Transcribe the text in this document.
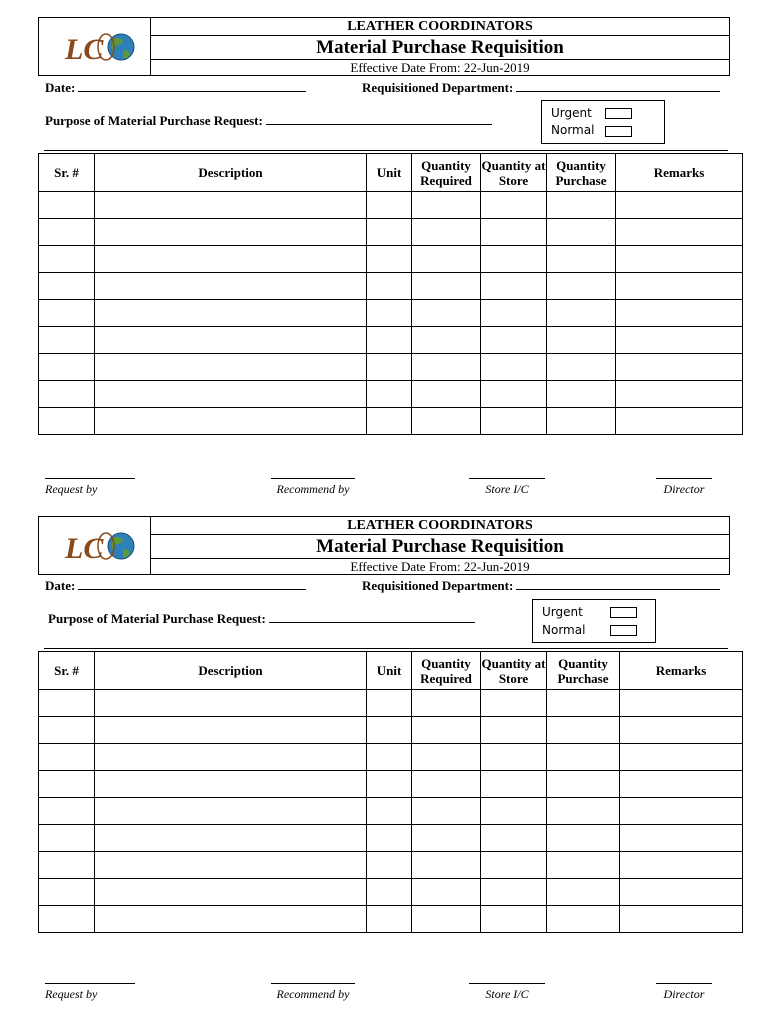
LC
LEATHER COORDINATORS
Material Purchase Requisition
Effective Date From: 22-Jun-2019
Date:	Requisitioned Department:
Purpose of Material Purchase Request:	Urgent
Normal
Sr. #	Description	Unit	Quantity Required	Quantity at Store	Quantity Purchase	Remarks

Request by	Recommend by	Store I/C	Director
LC
LEATHER COORDINATORS
Material Purchase Requisition
Effective Date From: 22-Jun-2019
Date:	Requisitioned Department:
Purpose of Material Purchase Request:	Urgent
Normal
Sr. #	Description	Unit	Quantity Required	Quantity at Store	Quantity Purchase	Remarks

Request by	Recommend by	Store I/C	Director
